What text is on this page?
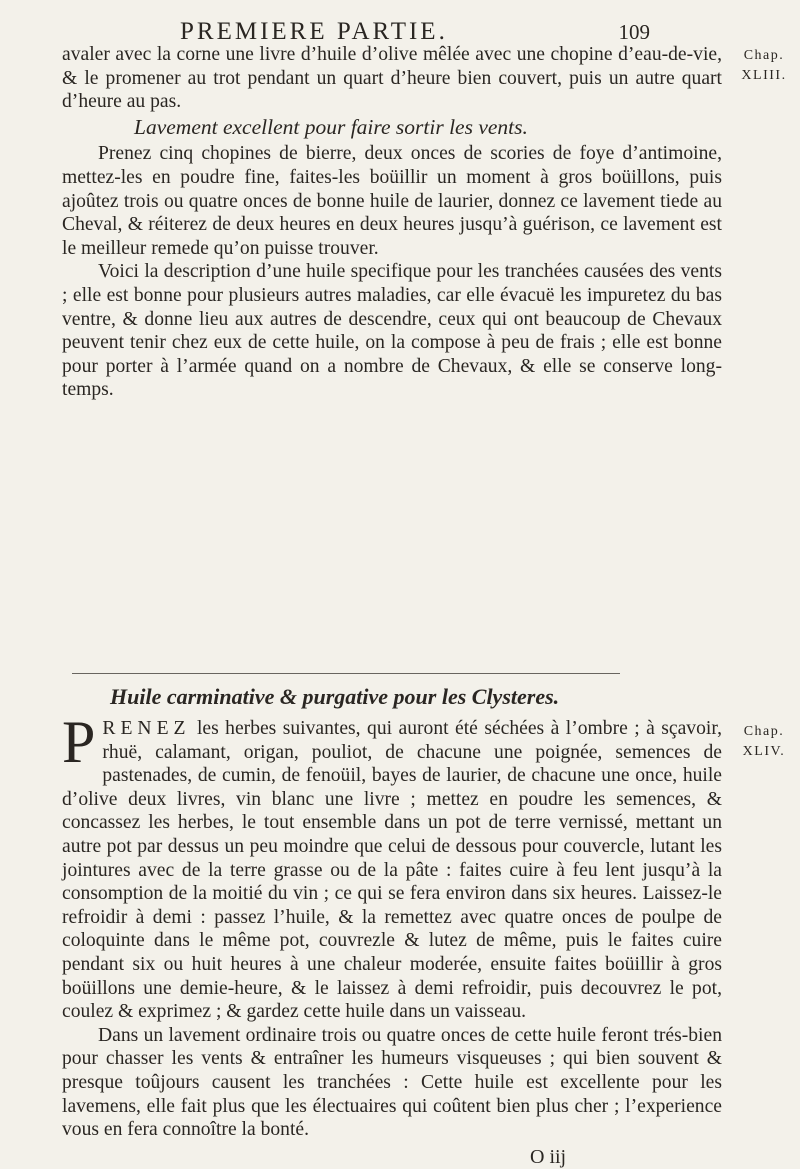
PREMIERE PARTIE.	109
Chap.
XLIII.

avaler avec la corne une livre d’huile d’olive mêlée avec une chopine d’eau-de-vie, & le promener au trot pendant un quart d’heure bien couvert, puis un autre quart d’heure au pas.

Lavement excellent pour faire sortir les vents.

Prenez cinq chopines de bierre, deux onces de scories de foye d’antimoine, mettez-les en poudre fine, faites-les boüillir un moment à gros boüillons, puis ajoûtez trois ou quatre onces de bonne huile de laurier, donnez ce lavement tiede au Cheval, & réiterez de deux heures en deux heures jusqu’à guérison, ce lavement est le meilleur remede qu’on puisse trouver.

Voici la description d’une huile specifique pour les tranchées causées des vents ; elle est bonne pour plusieurs autres maladies, car elle évacuë les impuretez du bas ventre, & donne lieu aux autres de descendre, ceux qui ont beaucoup de Chevaux peuvent tenir chez eux de cette huile, on la compose à peu de frais ; elle est bonne pour porter à l’armée quand on a nombre de Chevaux, & elle se conserve long-temps.

Huile carminative & purgative pour les Clysteres.
Chap.
XLIV.

PRENEZ les herbes suivantes, qui auront été séchées à l’ombre ; à sçavoir, rhuë, calamant, origan, pouliot, de chacune une poignée, semences de pastenades, de cumin, de fenoüil, bayes de laurier, de chacune une once, huile d’olive deux livres, vin blanc une livre ; mettez en poudre les semences, & concassez les herbes, le tout ensemble dans un pot de terre vernissé, mettant un autre pot par dessus un peu moindre que celui de dessous pour couvercle, lutant les jointures avec de la terre grasse ou de la pâte : faites cuire à feu lent jusqu’à la consomption de la moitié du vin ; ce qui se fera environ dans six heures. Laissez-le refroidir à demi : passez l’huile, & la remettez avec quatre onces de poulpe de coloquinte dans le même pot, couvrezle & lutez de même, puis le faites cuire pendant six ou huit heures à une chaleur moderée, ensuite faites boüillir à gros boüillons une demie-heure, & le laissez à demi refroidir, puis decouvrez le pot, coulez & exprimez ; & gardez cette huile dans un vaisseau.

Dans un lavement ordinaire trois ou quatre onces de cette huile feront trés-bien pour chasser les vents & entraîner les humeurs visqueuses ; qui bien souvent & presque toûjours causent les tranchées : Cette huile est excellente pour les lavemens, elle fait plus que les électuaires qui coûtent bien plus cher ; l’experience vous en fera connoître la bonté.

O iij
